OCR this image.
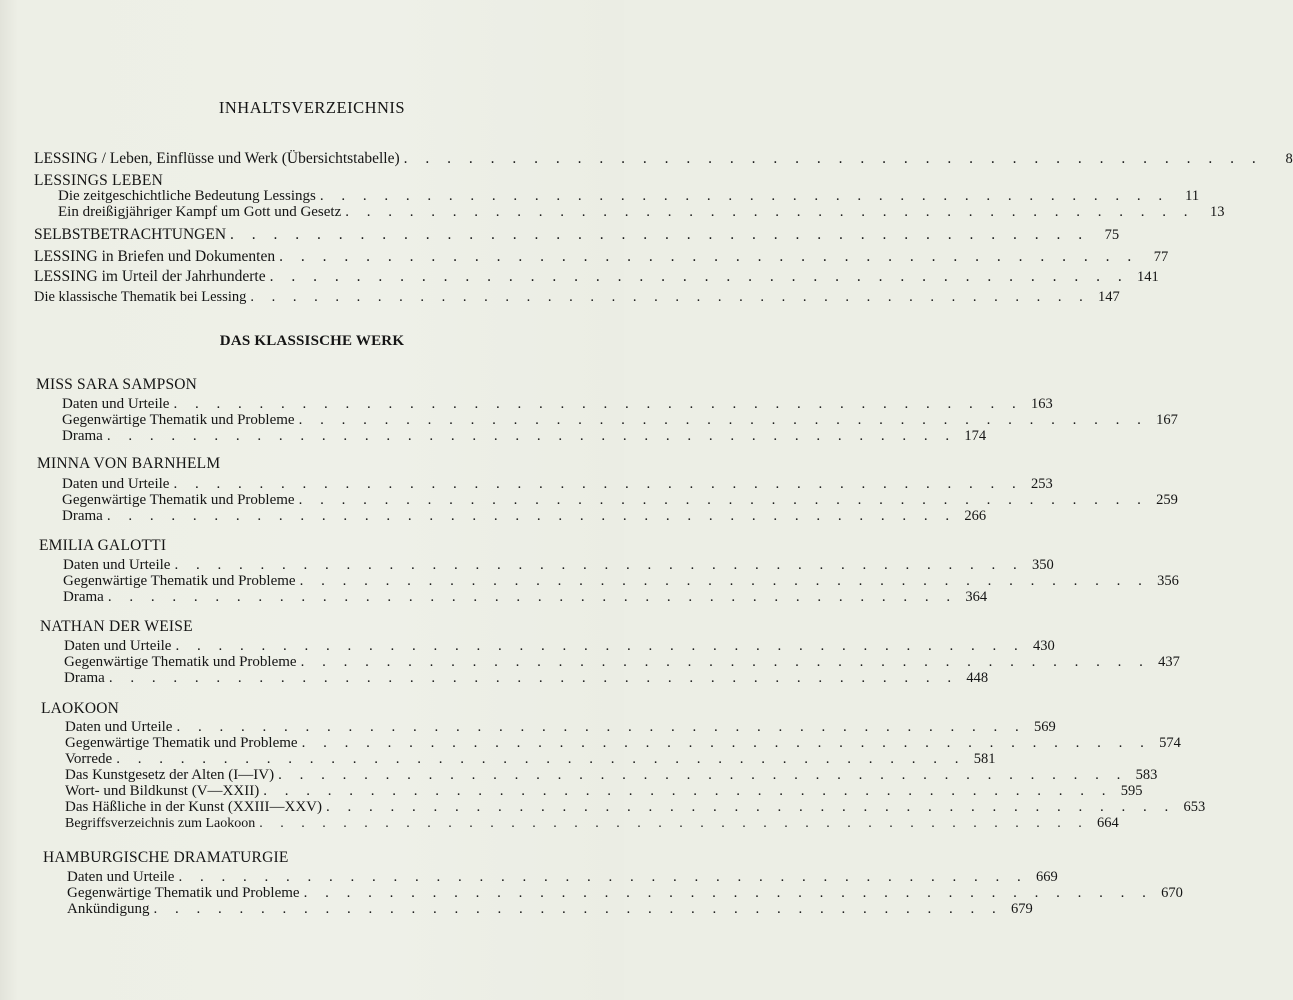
INHALTSVERZEICHNIS
LESSING / Leben, Einflüsse und Werk (Übersichtstabelle) . . . . . . . . . . . . . . . . . . . . . . . . . . . . . . . . . . . . . . . .	8
LESSINGS LEBEN
Die zeitgeschichtliche Bedeutung Lessings . . . . . . . . . . . . . . . . . . . . . . . . . . . . . . . . . . . . . . . .	11
Ein dreißigjähriger Kampf um Gott und Gesetz . . . . . . . . . . . . . . . . . . . . . . . . . . . . . . . . . . . . . . . .	13
SELBSTBETRACHTUNGEN . . . . . . . . . . . . . . . . . . . . . . . . . . . . . . . . . . . . . . . .	75
LESSING in Briefen und Dokumenten . . . . . . . . . . . . . . . . . . . . . . . . . . . . . . . . . . . . . . . .	77
LESSING im Urteil der Jahrhunderte . . . . . . . . . . . . . . . . . . . . . . . . . . . . . . . . . . . . . . . . 141
Die klassische Thematik bei Lessing . . . . . . . . . . . . . . . . . . . . . . . . . . . . . . . . . . . . . . . . 147
DAS KLASSISCHE WERK
MISS SARA SAMPSON
Daten und Urteile . . . . . . . . . . . . . . . . . . . . . . . . . . . . . . . . . . . . . . . . 163
Gegenwärtige Thematik und Probleme . . . . . . . . . . . . . . . . . . . . . . . . . . . . . . . . . . . . . . . . 167
Drama . . . . . . . . . . . . . . . . . . . . . . . . . . . . . . . . . . . . . . . . 174
MINNA VON BARNHELM
Daten und Urteile . . . . . . . . . . . . . . . . . . . . . . . . . . . . . . . . . . . . . . . . 253
Gegenwärtige Thematik und Probleme . . . . . . . . . . . . . . . . . . . . . . . . . . . . . . . . . . . . . . . . 259
Drama . . . . . . . . . . . . . . . . . . . . . . . . . . . . . . . . . . . . . . . . 266
EMILIA GALOTTI
Daten und Urteile . . . . . . . . . . . . . . . . . . . . . . . . . . . . . . . . . . . . . . . . 350
Gegenwärtige Thematik und Probleme . . . . . . . . . . . . . . . . . . . . . . . . . . . . . . . . . . . . . . . . 356
Drama . . . . . . . . . . . . . . . . . . . . . . . . . . . . . . . . . . . . . . . . 364
NATHAN DER WEISE
Daten und Urteile . . . . . . . . . . . . . . . . . . . . . . . . . . . . . . . . . . . . . . . . 430
Gegenwärtige Thematik und Probleme . . . . . . . . . . . . . . . . . . . . . . . . . . . . . . . . . . . . . . . . 437
Drama . . . . . . . . . . . . . . . . . . . . . . . . . . . . . . . . . . . . . . . . 448
LAOKOON
Daten und Urteile . . . . . . . . . . . . . . . . . . . . . . . . . . . . . . . . . . . . . . . . 569
Gegenwärtige Thematik und Probleme . . . . . . . . . . . . . . . . . . . . . . . . . . . . . . . . . . . . . . . . 574
Vorrede . . . . . . . . . . . . . . . . . . . . . . . . . . . . . . . . . . . . . . . . 581
Das Kunstgesetz der Alten (I—IV) . . . . . . . . . . . . . . . . . . . . . . . . . . . . . . . . . . . . . . . . 583
Wort- und Bildkunst (V—XXII) . . . . . . . . . . . . . . . . . . . . . . . . . . . . . . . . . . . . . . . . 595
Das Häßliche in der Kunst (XXIII—XXV) . . . . . . . . . . . . . . . . . . . . . . . . . . . . . . . . . . . . . . . . 653
Begriffsverzeichnis zum Laokoon . . . . . . . . . . . . . . . . . . . . . . . . . . . . . . . . . . . . . . . . 664
HAMBURGISCHE DRAMATURGIE
Daten und Urteile . . . . . . . . . . . . . . . . . . . . . . . . . . . . . . . . . . . . . . . . 669
Gegenwärtige Thematik und Probleme . . . . . . . . . . . . . . . . . . . . . . . . . . . . . . . . . . . . . . . . 670
Ankündigung . . . . . . . . . . . . . . . . . . . . . . . . . . . . . . . . . . . . . . . . 679
